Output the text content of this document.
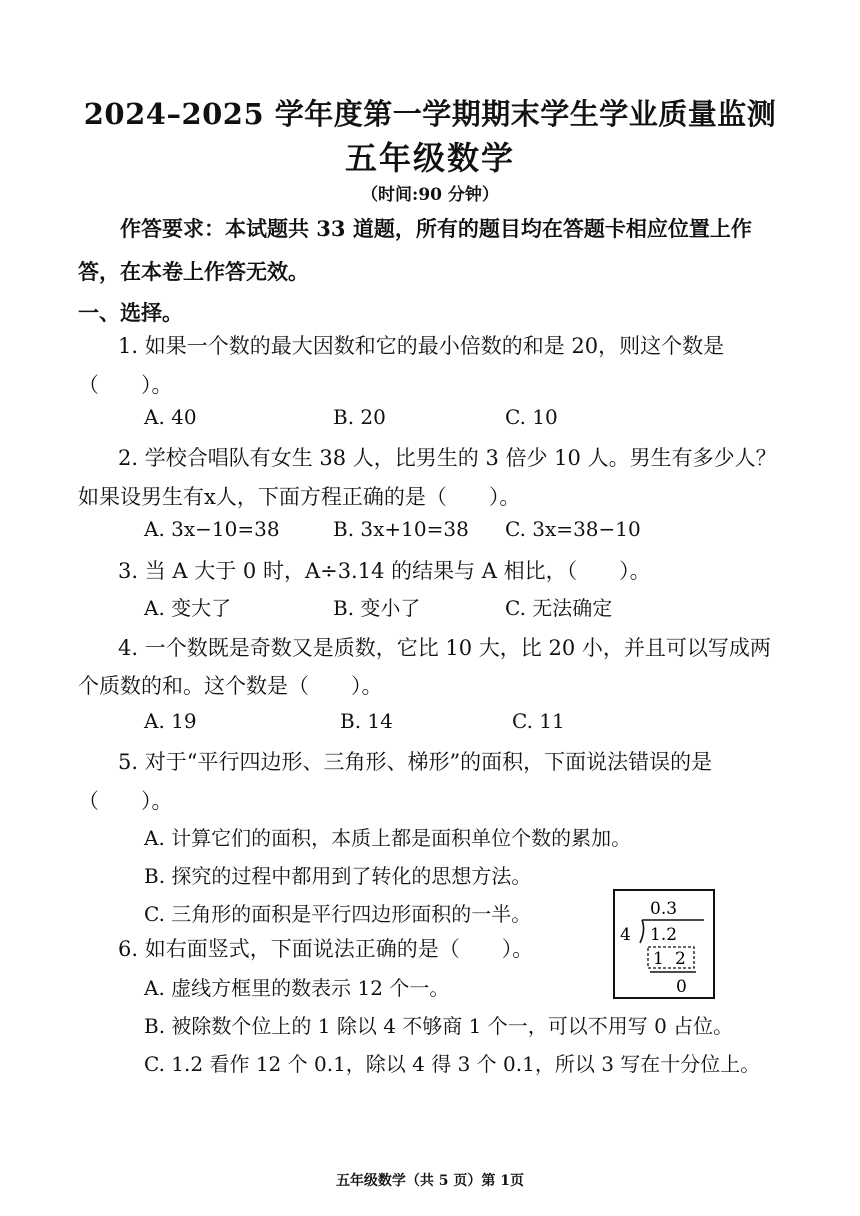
2024–2025 学年度第一学期期末学生学业质量监测
五年级数学
（时间:90 分钟）
作答要求：本试题共 33 道题，所有的题目均在答题卡相应位置上作
答，在本卷上作答无效。
一、选择。
1. 如果一个数的最大因数和它的最小倍数的和是 20，则这个数是
（　　）。
A. 40	B. 20	C. 10
2. 学校合唱队有女生 38 人，比男生的 3 倍少 10 人。男生有多少人？
如果设男生有x人，下面方程正确的是（　　）。
A. 3x−10=38	B. 3x+10=38 C. 3x=38−10
3. 当 A 大于 0 时，A÷3.14 的结果与 A 相比，（　　）。
A. 变大了	B. 变小了	C. 无法确定
4. 一个数既是奇数又是质数，它比 10 大，比 20 小，并且可以写成两
个质数的和。这个数是（　　）。
A. 19	B. 14	C. 11
5. 对于“平行四边形、三角形、梯形”的面积，下面说法错误的是
（　　）。
A. 计算它们的面积，本质上都是面积单位个数的累加。
B. 探究的过程中都用到了转化的思想方法。
C. 三角形的面积是平行四边形面积的一半。
6. 如右面竖式，下面说法正确的是（　　）。
A. 虚线方框里的数表示 12 个一。
B. 被除数个位上的 1 除以 4 不够商 1 个一，可以不用写 0 占位。
C. 1.2 看作 12 个 0.1，除以 4 得 3 个 0.1，所以 3 写在十分位上。
0.3
4 1.2
1 2
0
五年级数学（共 5 页）第 1页
